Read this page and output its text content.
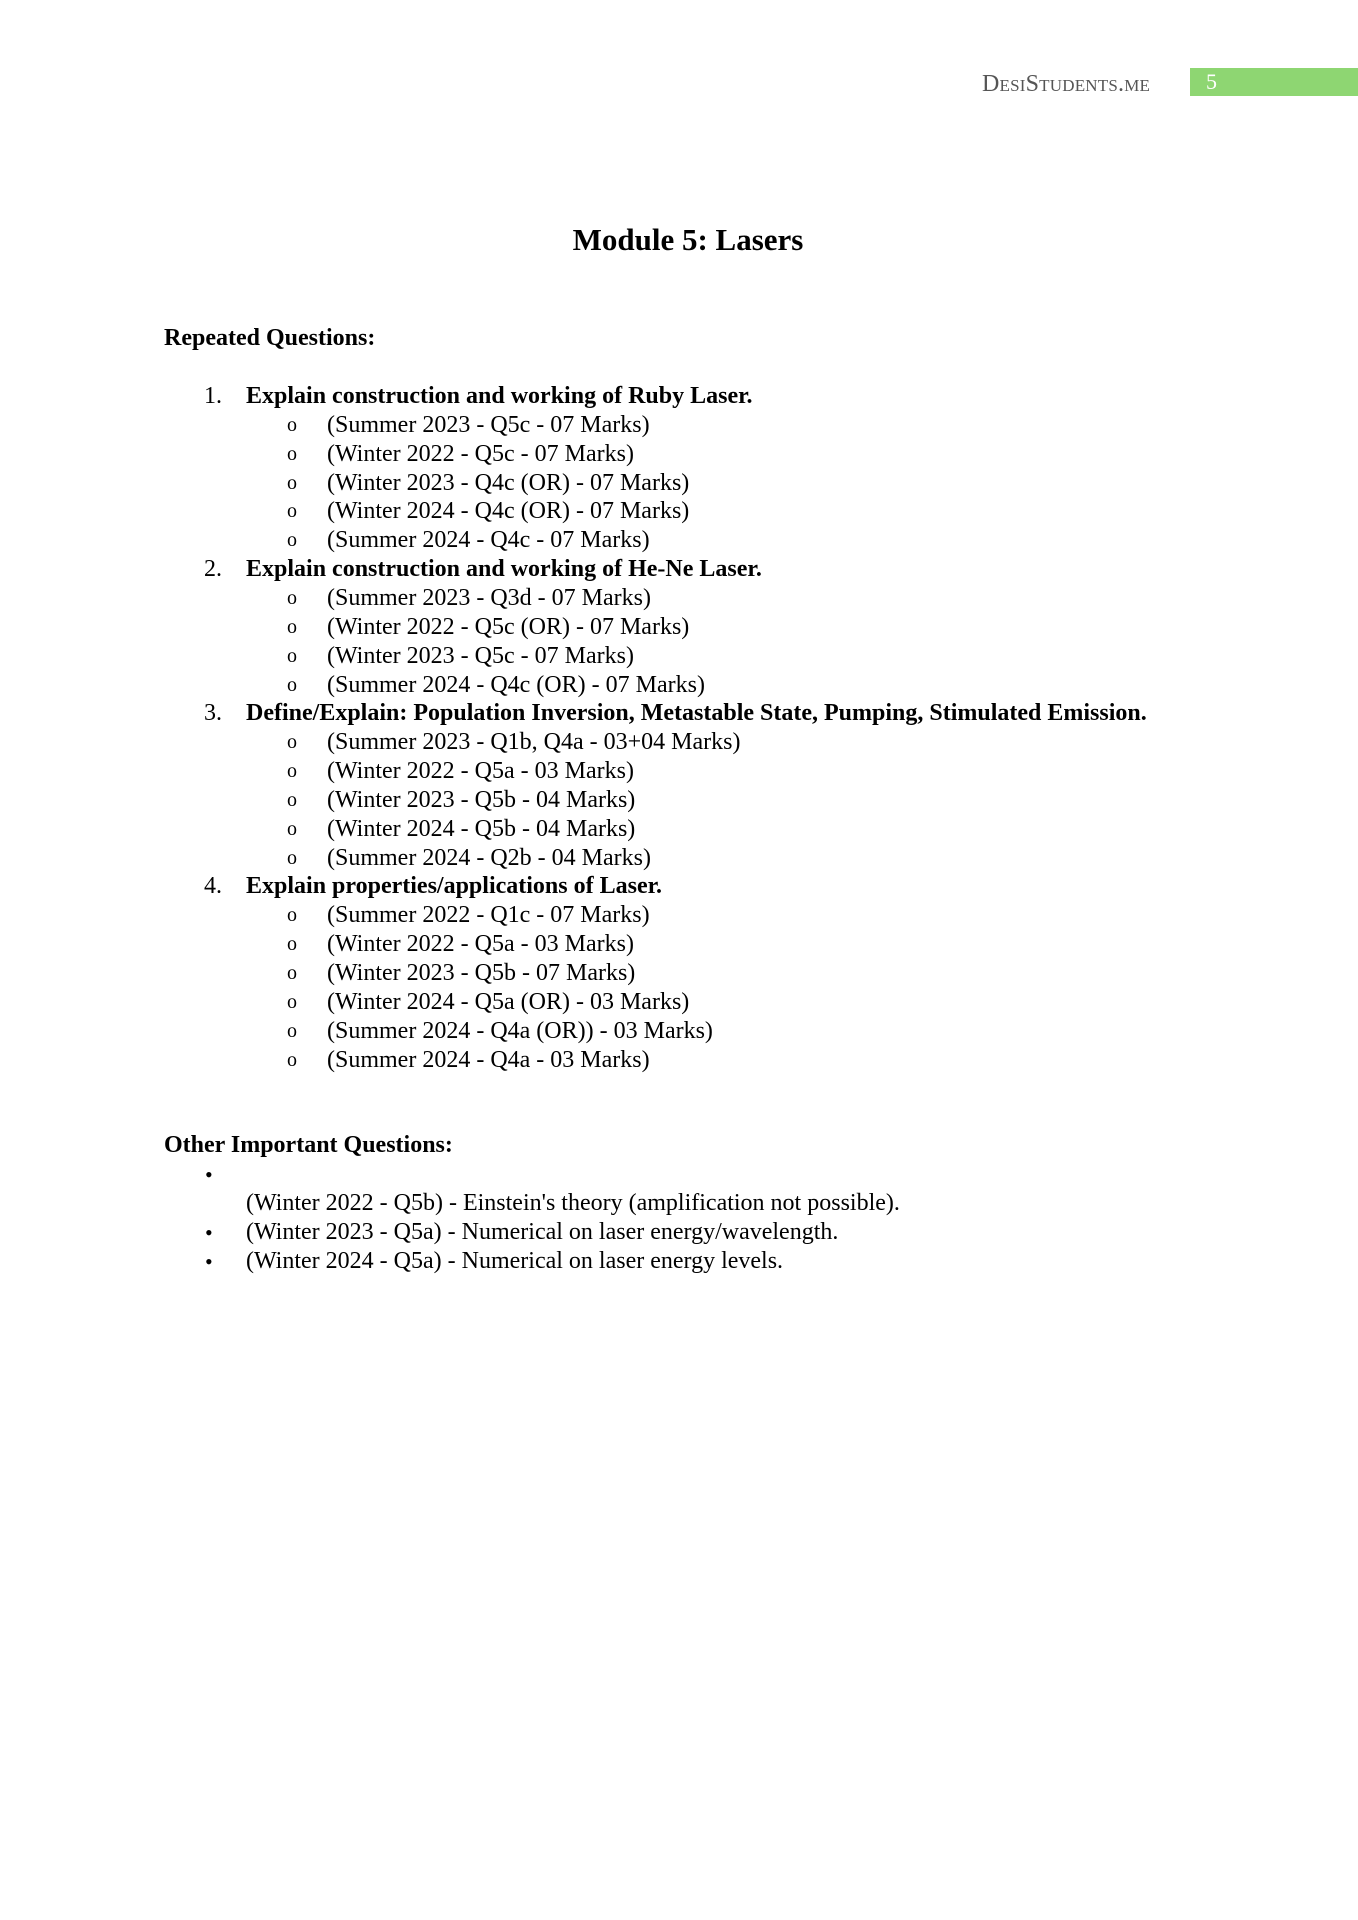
DesiStudents.me	5
Module 5: Lasers
Repeated Questions:
1. Explain construction and working of Ruby Laser.
o (Summer 2023 - Q5c - 07 Marks)
o (Winter 2022 - Q5c - 07 Marks)
o (Winter 2023 - Q4c (OR) - 07 Marks)
o (Winter 2024 - Q4c (OR) - 07 Marks)
o (Summer 2024 - Q4c - 07 Marks)
2. Explain construction and working of He-Ne Laser.
o (Summer 2023 - Q3d - 07 Marks)
o (Winter 2022 - Q5c (OR) - 07 Marks)
o (Winter 2023 - Q5c - 07 Marks)
o (Summer 2024 - Q4c (OR) - 07 Marks)
3. Define/Explain: Population Inversion, Metastable State, Pumping, Stimulated Emission.
o (Summer 2023 - Q1b, Q4a - 03+04 Marks)
o (Winter 2022 - Q5a - 03 Marks)
o (Winter 2023 - Q5b - 04 Marks)
o (Winter 2024 - Q5b - 04 Marks)
o (Summer 2024 - Q2b - 04 Marks)
4. Explain properties/applications of Laser.
o (Summer 2022 - Q1c - 07 Marks)
o (Winter 2022 - Q5a - 03 Marks)
o (Winter 2023 - Q5b - 07 Marks)
o (Winter 2024 - Q5a (OR) - 03 Marks)
o (Summer 2024 - Q4a (OR)) - 03 Marks)
o (Summer 2024 - Q4a - 03 Marks)
Other Important Questions:
•
(Winter 2022 - Q5b) - Einstein's theory (amplification not possible).
• (Winter 2023 - Q5a) - Numerical on laser energy/wavelength.
• (Winter 2024 - Q5a) - Numerical on laser energy levels.
